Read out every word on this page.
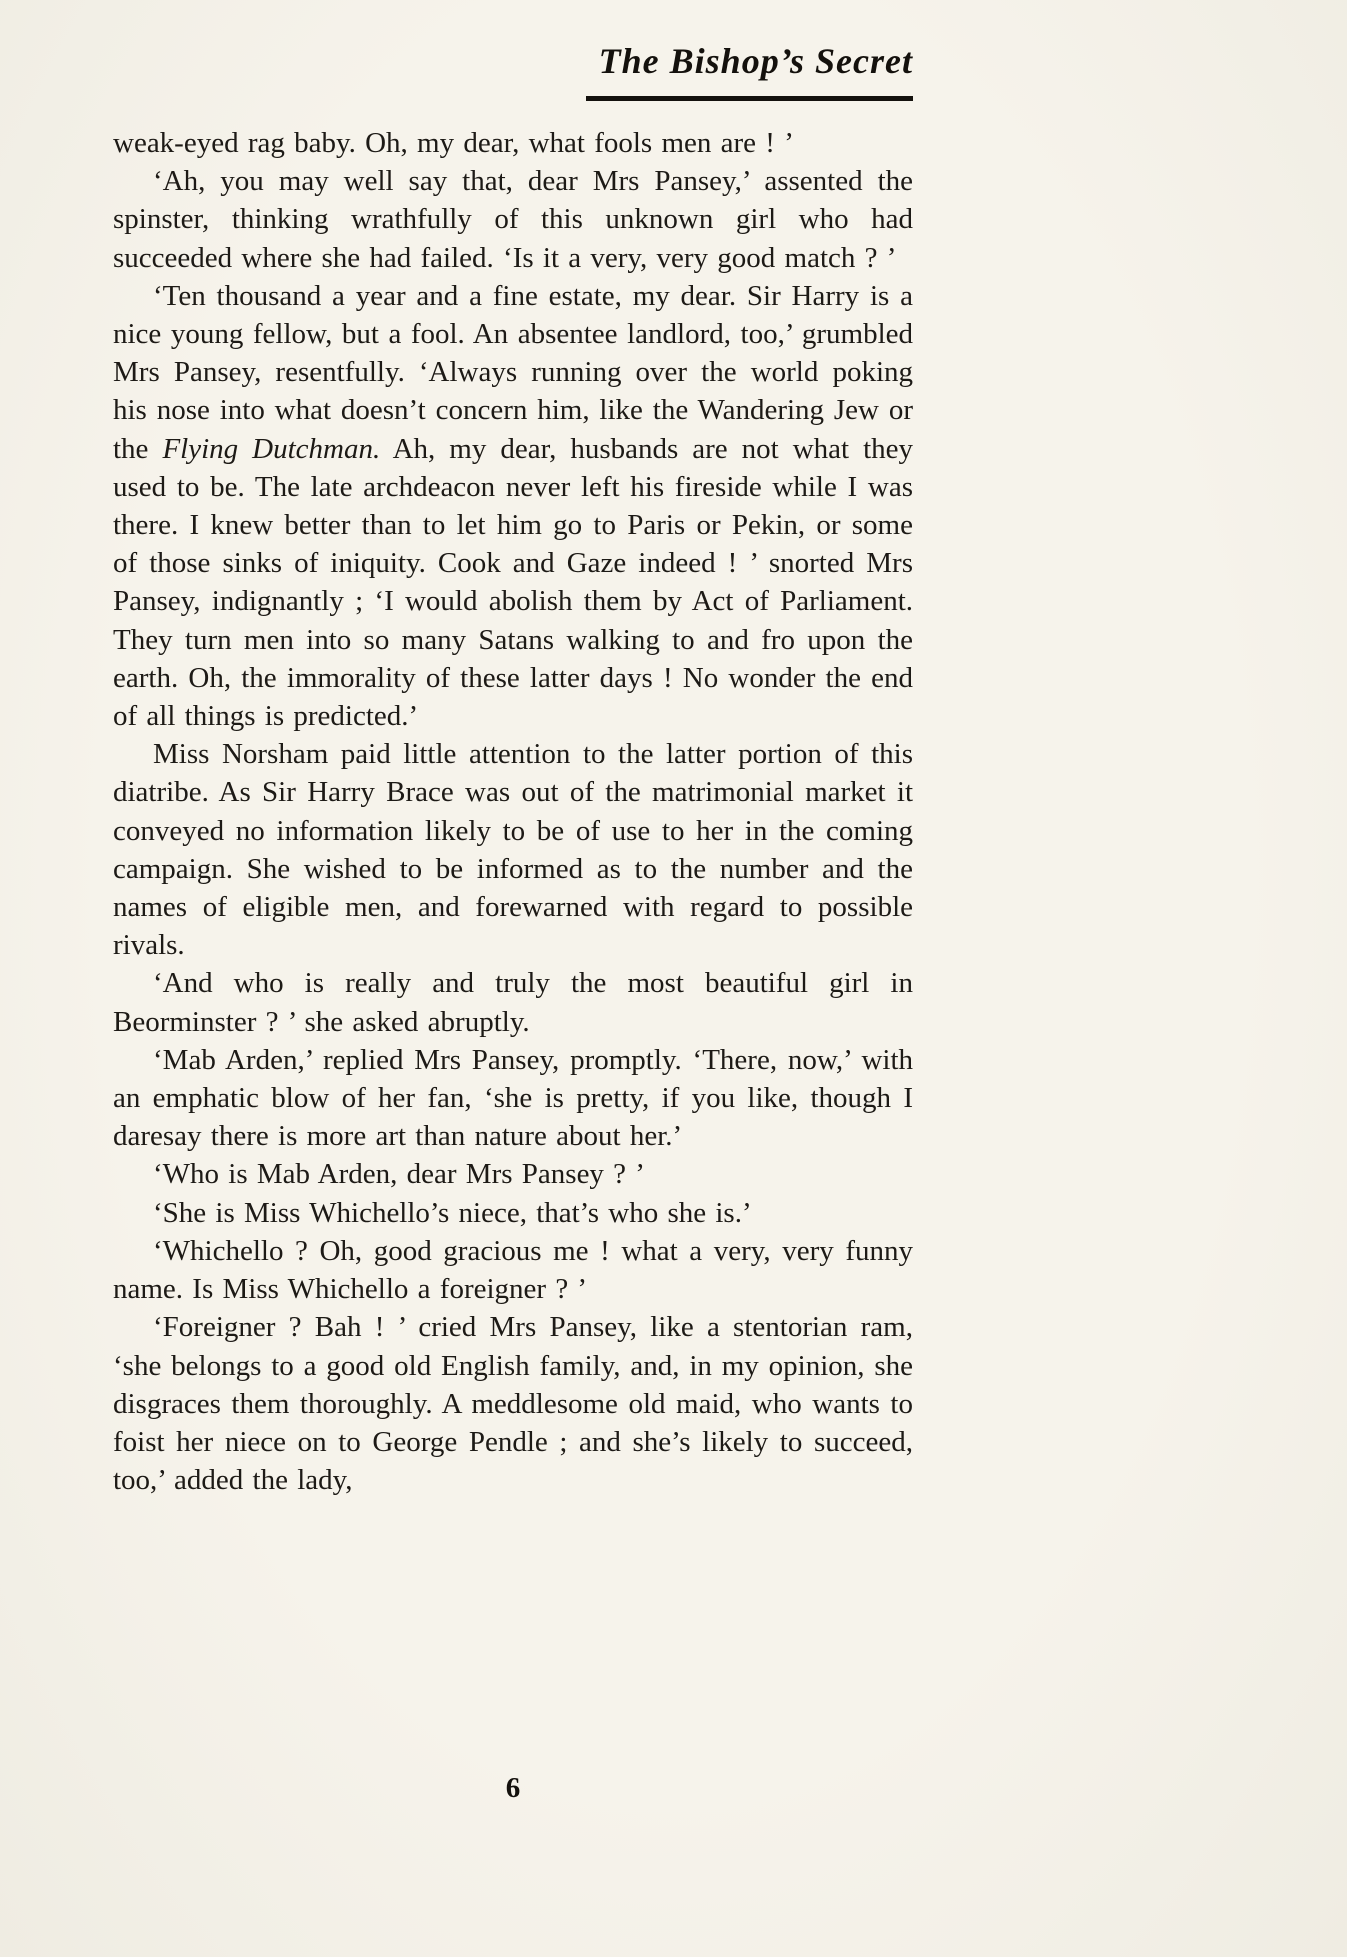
The Bishop’s Secret

weak-eyed rag baby. Oh, my dear, what fools men are ! ’

‘Ah, you may well say that, dear Mrs Pansey,’ assented the spinster, thinking wrathfully of this unknown girl who had succeeded where she had failed. ‘Is it a very, very good match ? ’

‘Ten thousand a year and a fine estate, my dear. Sir Harry is a nice young fellow, but a fool. An absentee landlord, too,’ grumbled Mrs Pansey, resentfully. ‘Always running over the world poking his nose into what doesn’t concern him, like the Wandering Jew or the Flying Dutchman. Ah, my dear, husbands are not what they used to be. The late archdeacon never left his fireside while I was there. I knew better than to let him go to Paris or Pekin, or some of those sinks of iniquity. Cook and Gaze indeed ! ’ snorted Mrs Pansey, indignantly ; ‘I would abolish them by Act of Parliament. They turn men into so many Satans walking to and fro upon the earth. Oh, the immorality of these latter days ! No wonder the end of all things is predicted.’

Miss Norsham paid little attention to the latter portion of this diatribe. As Sir Harry Brace was out of the matrimonial market it conveyed no information likely to be of use to her in the coming campaign. She wished to be informed as to the number and the names of eligible men, and forewarned with regard to possible rivals.

‘And who is really and truly the most beautiful girl in Beorminster ? ’ she asked abruptly.

‘Mab Arden,’ replied Mrs Pansey, promptly. ‘There, now,’ with an emphatic blow of her fan, ‘she is pretty, if you like, though I daresay there is more art than nature about her.’

‘Who is Mab Arden, dear Mrs Pansey ? ’

‘She is Miss Whichello’s niece, that’s who she is.’

‘Whichello ? Oh, good gracious me ! what a very, very funny name. Is Miss Whichello a foreigner ? ’

‘Foreigner ? Bah ! ’ cried Mrs Pansey, like a stentorian ram, ‘she belongs to a good old English family, and, in my opinion, she disgraces them thoroughly. A meddlesome old maid, who wants to foist her niece on to George Pendle ; and she’s likely to succeed, too,’ added the lady,

6
